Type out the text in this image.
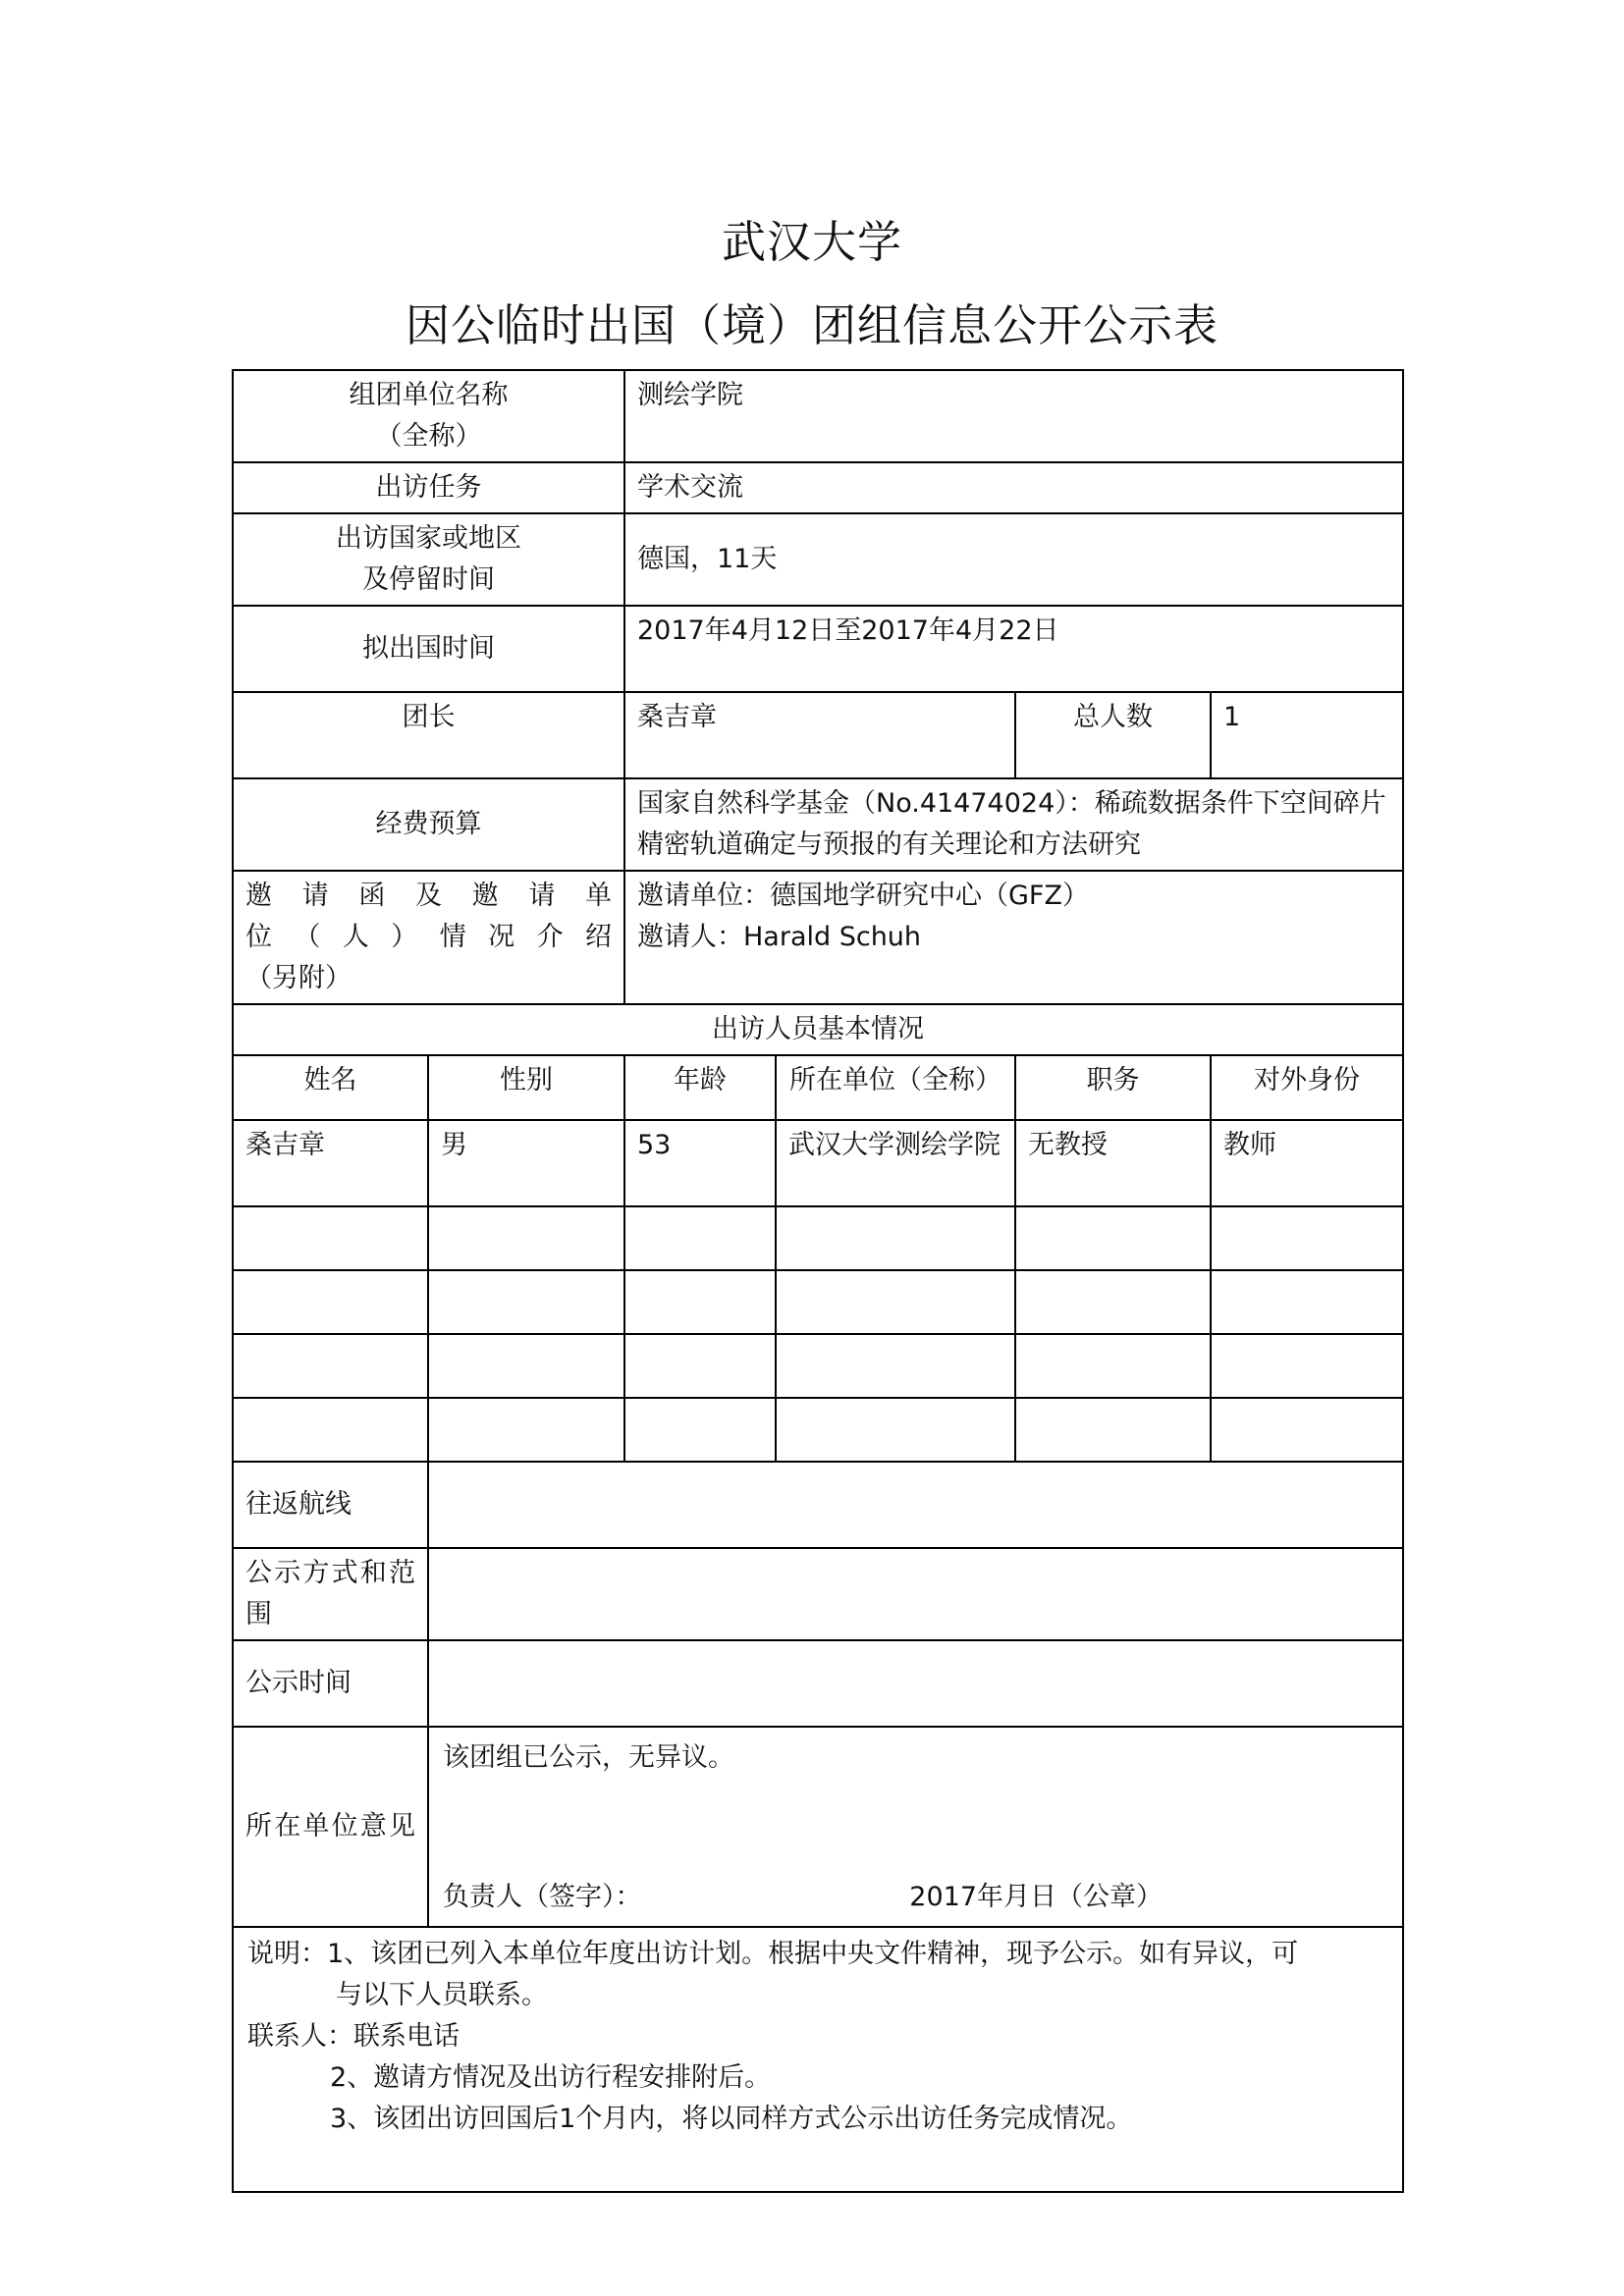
武汉大学
因公临时出国（境）团组信息公开公示表
组团单位名称
（全称）		测绘学院			
出访任务		学术交流			

出访国家或地区
及停留时间		德国，11天			
拟出国时间		2017年4月12日至2017年4月22日			
团长		桑吉章		总人数	1
经费预算		国家自然科学基金（No.41474024）：稀疏数据条件下空间碎片精密轨道确定与预报的有关理论和方法研究			

邀请函及邀请单
位（人）情况介绍
（另附）		邀请单位：德国地学研究中心（GFZ）
邀请人：Harald Schuh			

出访人员基本情况					
姓名	性别	年龄	所在单位（全称）	职务	对外身份
桑吉章	男	53	武汉大学测绘学院	无教授	教师

往返航线					
公示方式和范围					
公示时间					
所在单位意见	该团组已公示，无异议。
负责人（签字）： 2017年月日（公章）				

说明：1、该团已列入本单位年度出访计划。根据中央文件精神，现予公示。如有异议，可
与以下人员联系。
联系人：联系电话
2、邀请方情况及出访行程安排附后。
3、该团出访回国后1个月内，将以同样方式公示出访任务完成情况。					
